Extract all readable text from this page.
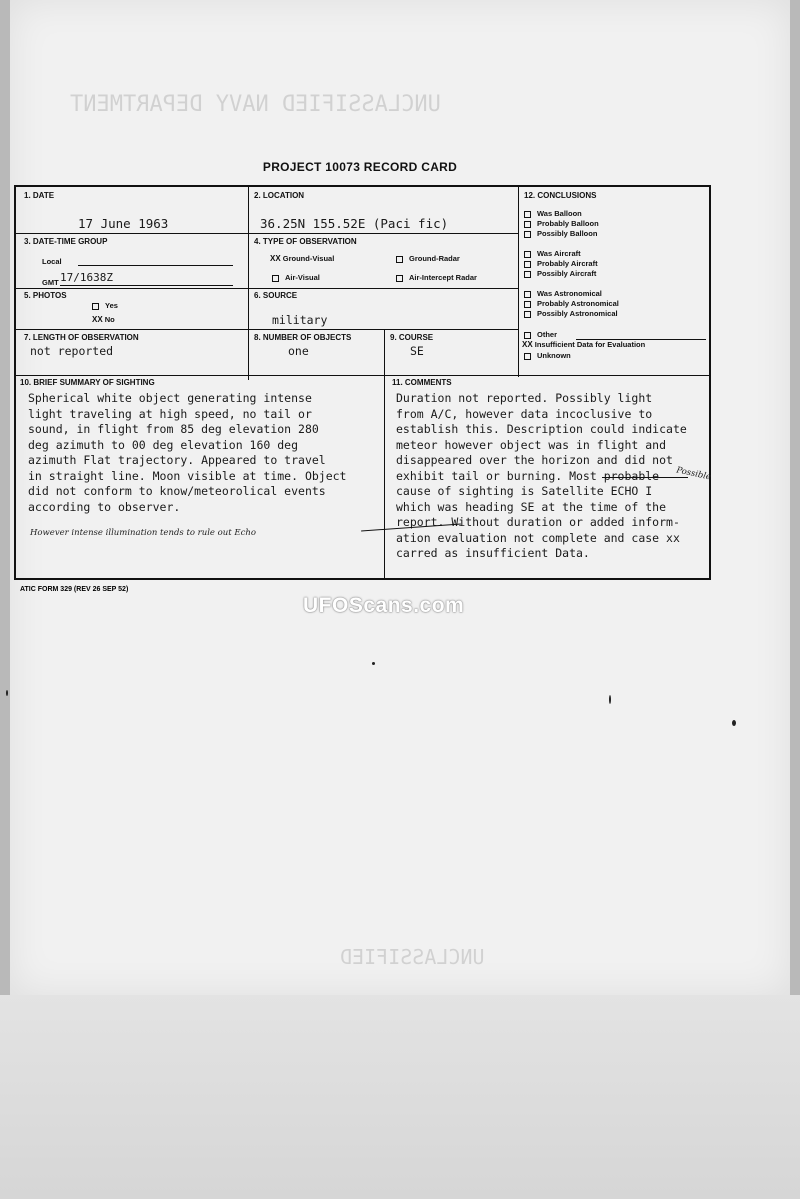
UNCLASSIFIED NAVY DEPARTMENT
UNCLASSIFIED
PROJECT 10073 RECORD CARD
1. DATE
17 June 1963
2. LOCATION
36.25N 155.52E (Paci fic)
3. DATE-TIME GROUP
Local
GMT 17/1638Z
4. TYPE OF OBSERVATION
XX Ground-Visual	Ground-Radar
Air-Visual	Air-Intercept Radar
5. PHOTOS
Yes
XX No
6. SOURCE
military
7. LENGTH OF OBSERVATION
not reported
8. NUMBER OF OBJECTS
one
9. COURSE
SE
12. CONCLUSIONS
Was Balloon
Probably Balloon
Possibly Balloon
Was Aircraft
Probably Aircraft
Possibly Aircraft
Was Astronomical
Probably Astronomical
Possibly Astronomical
Other
XX Insufficient Data for Evaluation
Unknown
10. BRIEF SUMMARY OF SIGHTING
Spherical white object generating intense
light traveling at high speed, no tail or
sound, in flight from 85 deg elevation 280
deg azimuth to 00 deg elevation 160 deg
azimuth Flat trajectory. Appeared to travel
in straight line. Moon visible at time. Object
did not conform to know/meteorolical events
according to observer.
However intense illumination tends to rule out Echo
11. COMMENTS
Duration not reported. Possibly light
from A/C, however data incoclusive to
establish this. Description could indicate
meteor however object was in flight and
disappeared over the horizon and did not
exhibit tail or burning. Most probable
cause of sighting is Satellite ECHO I
which was heading SE at the time of the
report. Without duration or added inform-
ation evaluation not complete and case xx
carred as insufficient Data.
Possible
ATIC FORM 329 (REV 26 SEP 52)
UFOScans.com
